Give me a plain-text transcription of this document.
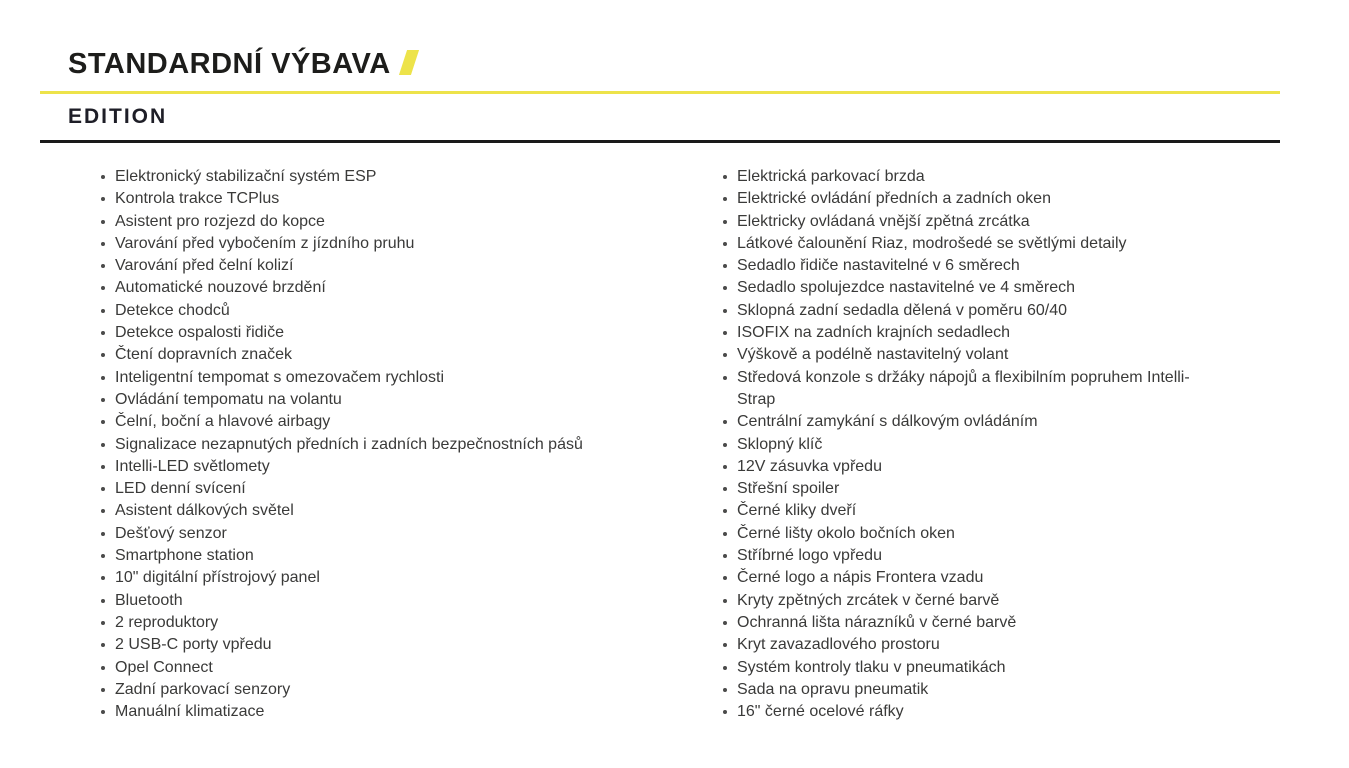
STANDARDNÍ VÝBAVA
EDITION
Elektronický stabilizační systém ESP
Kontrola trakce TCPlus
Asistent pro rozjezd do kopce
Varování před vybočením z jízdního pruhu
Varování před čelní kolizí
Automatické nouzové brzdění
Detekce chodců
Detekce ospalosti řidiče
Čtení dopravních značek
Inteligentní tempomat s omezovačem rychlosti
Ovládání tempomatu na volantu
Čelní, boční a hlavové airbagy
Signalizace nezapnutých předních i zadních bezpečnostních pásů
Intelli-LED světlomety
LED denní svícení
Asistent dálkových světel
Dešťový senzor
Smartphone station
10" digitální přístrojový panel
Bluetooth
2 reproduktory
2 USB-C porty vpředu
Opel Connect
Zadní parkovací senzory
Manuální klimatizace
Elektrická parkovací brzda
Elektrické ovládání předních a zadních oken
Elektricky ovládaná vnější zpětná zrcátka
Látkové čalounění Riaz, modrošedé se světlými detaily
Sedadlo řidiče nastavitelné v 6 směrech
Sedadlo spolujezdce nastavitelné ve 4 směrech
Sklopná zadní sedadla dělená v poměru 60/40
ISOFIX na zadních krajních sedadlech
Výškově a podélně nastavitelný volant
Středová konzole s držáky nápojů a flexibilním popruhem Intelli-Strap
Centrální zamykání s dálkovým ovládáním
Sklopný klíč
12V zásuvka vpředu
Střešní spoiler
Černé kliky dveří
Černé lišty okolo bočních oken
Stříbrné logo vpředu
Černé logo a nápis Frontera vzadu
Kryty zpětných zrcátek v černé barvě
Ochranná lišta nárazníků v černé barvě
Kryt zavazadlového prostoru
Systém kontroly tlaku v pneumatikách
Sada na opravu pneumatik
16" černé ocelové ráfky
